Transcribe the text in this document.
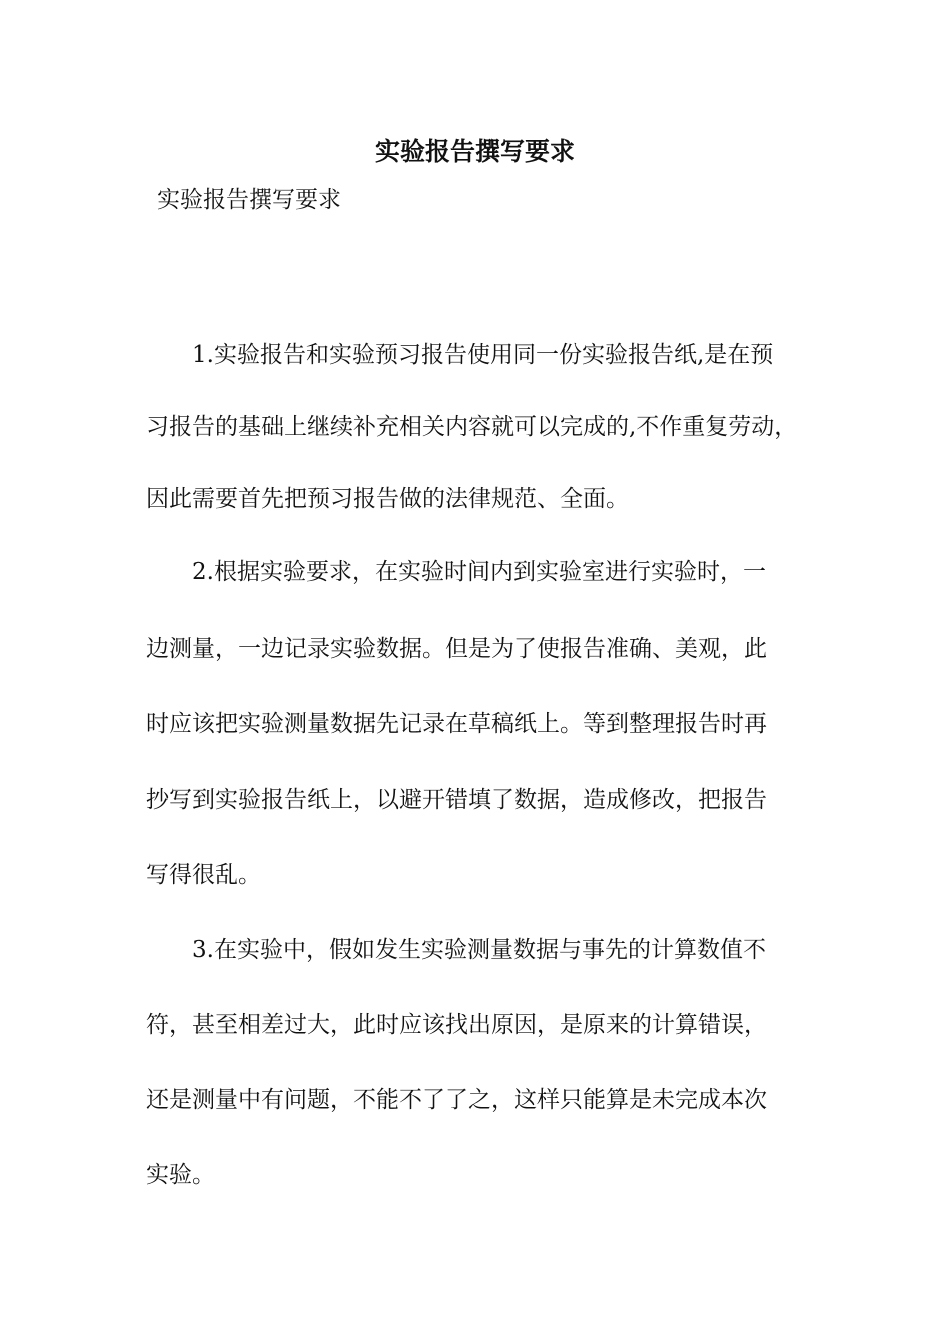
实验报告撰写要求

实验报告撰写要求

1.实验报告和实验预习报告使用同一份实验报告纸,是在预
习报告的基础上继续补充相关内容就可以完成的,不作重复劳动，
因此需要首先把预习报告做的法律规范、全面。
2.根据实验要求，在实验时间内到实验室进行实验时，一
边测量，一边记录实验数据。但是为了使报告准确、美观，此
时应该把实验测量数据先记录在草稿纸上。等到整理报告时再
抄写到实验报告纸上，以避开错填了数据，造成修改，把报告
写得很乱。
3.在实验中，假如发生实验测量数据与事先的计算数值不
符，甚至相差过大，此时应该找出原因，是原来的计算错误，
还是测量中有问题，不能不了了之，这样只能算是未完成本次
实验。
